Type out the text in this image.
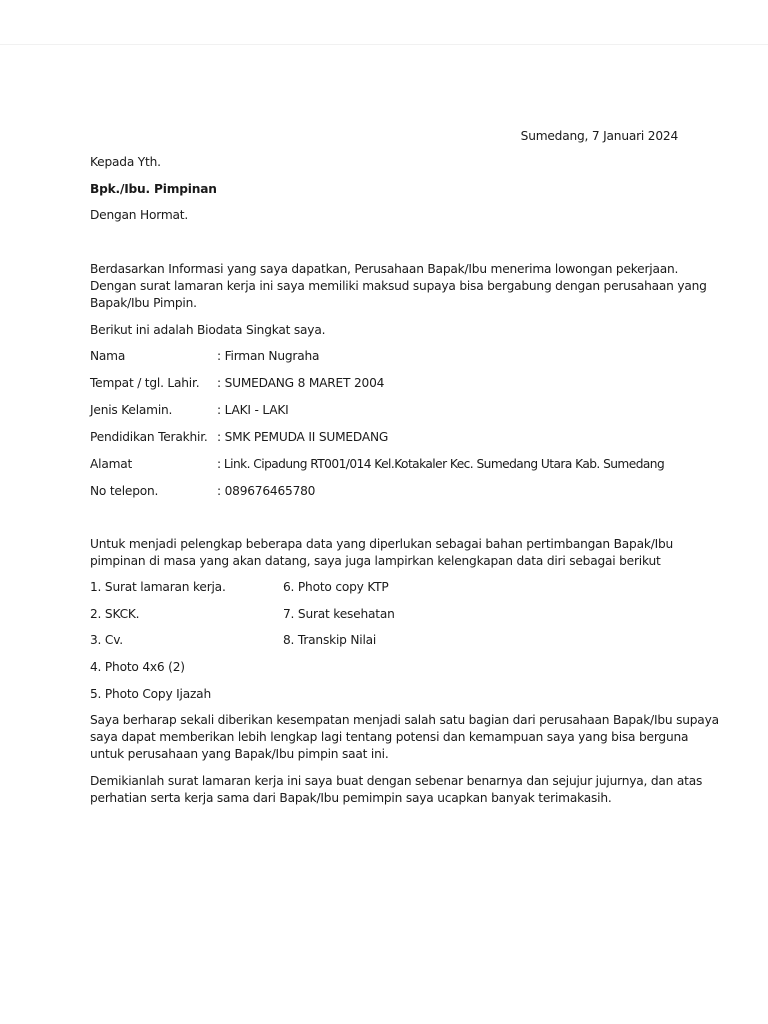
Sumedang, 7 Januari 2024
Kepada Yth.
Bpk./Ibu. Pimpinan
Dengan Hormat.
Berdasarkan Informasi yang saya dapatkan, Perusahaan Bapak/Ibu menerima lowongan pekerjaan.
Dengan surat lamaran kerja ini saya memiliki maksud supaya bisa bergabung dengan perusahaan yang
Bapak/Ibu Pimpin.
Berikut ini adalah Biodata Singkat saya.
Nama	: Firman Nugraha
Tempat / tgl. Lahir. : SUMEDANG 8 MARET 2004
Jenis Kelamin.	: LAKI - LAKI
Pendidikan Terakhir. : SMK PEMUDA II SUMEDANG
Alamat	: Link. Cipadung RT001/014 Kel.Kotakaler Kec. Sumedang Utara Kab. Sumedang
No telepon.	: 089676465780
Untuk menjadi pelengkap beberapa data yang diperlukan sebagai bahan pertimbangan Bapak/Ibu
pimpinan di masa yang akan datang, saya juga lampirkan kelengkapan data diri sebagai berikut
1. Surat lamaran kerja.
2. SKCK.
3. Cv.
4. Photo 4x6 (2)
5. Photo Copy Ijazah
6. Photo copy KTP
7. Surat kesehatan
8. Transkip Nilai
Saya berharap sekali diberikan kesempatan menjadi salah satu bagian dari perusahaan Bapak/Ibu supaya
saya dapat memberikan lebih lengkap lagi tentang potensi dan kemampuan saya yang bisa berguna
untuk perusahaan yang Bapak/Ibu pimpin saat ini.
Demikianlah surat lamaran kerja ini saya buat dengan sebenar benarnya dan sejujur jujurnya, dan atas
perhatian serta kerja sama dari Bapak/Ibu pemimpin saya ucapkan banyak terimakasih.
